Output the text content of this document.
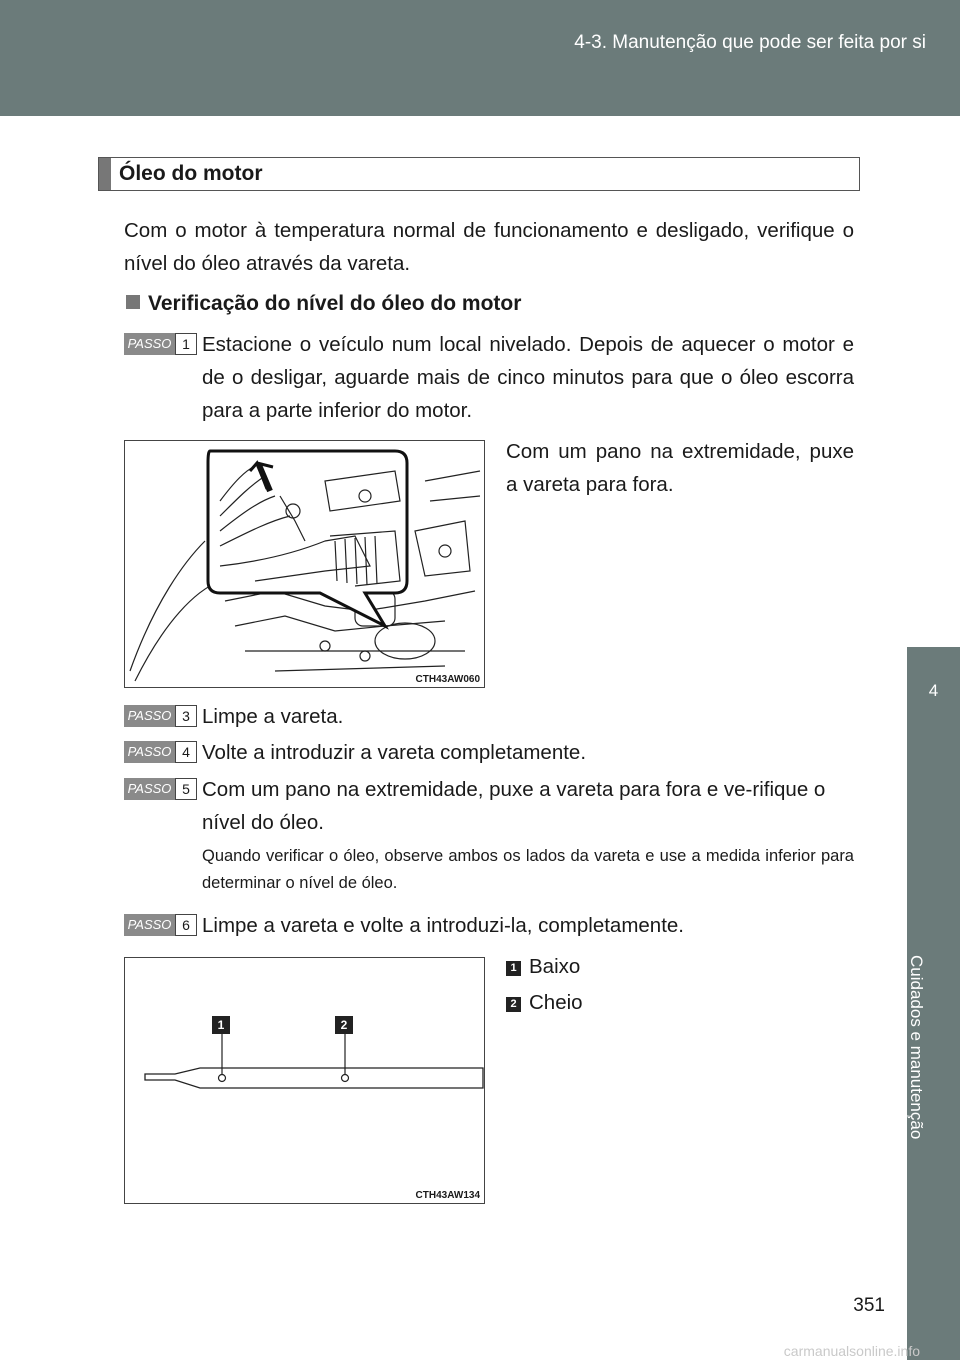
4-3. Manutenção que pode ser feita por si
4
Cuidados e manutenção
Óleo do motor
Com o motor à temperatura normal de funcionamento e desligado, verifique o nível do óleo através da vareta.
Verificação do nível do óleo do motor
PASSO 1 Estacione o veículo num local nivelado. Depois de aquecer o motor e de o desligar, aguarde mais de cinco minutos para que o óleo escorra para a parte inferior do motor.
CTH43AW060
Com um pano na extremidade, puxe a vareta para fora.
PASSO 3 Limpe a vareta.
PASSO 4 Volte a introduzir a vareta completamente.
PASSO 5 Com um pano na extremidade, puxe a vareta para fora e ve-rifique o nível do óleo.
Quando verificar o óleo, observe ambos os lados da vareta e use a medida inferior para determinar o nível de óleo.
PASSO 6 Limpe a vareta e volte a introduzi-la, completamente.
1	2
CTH43AW134
1 Baixo
2 Cheio
351
carmanualsonline.info
